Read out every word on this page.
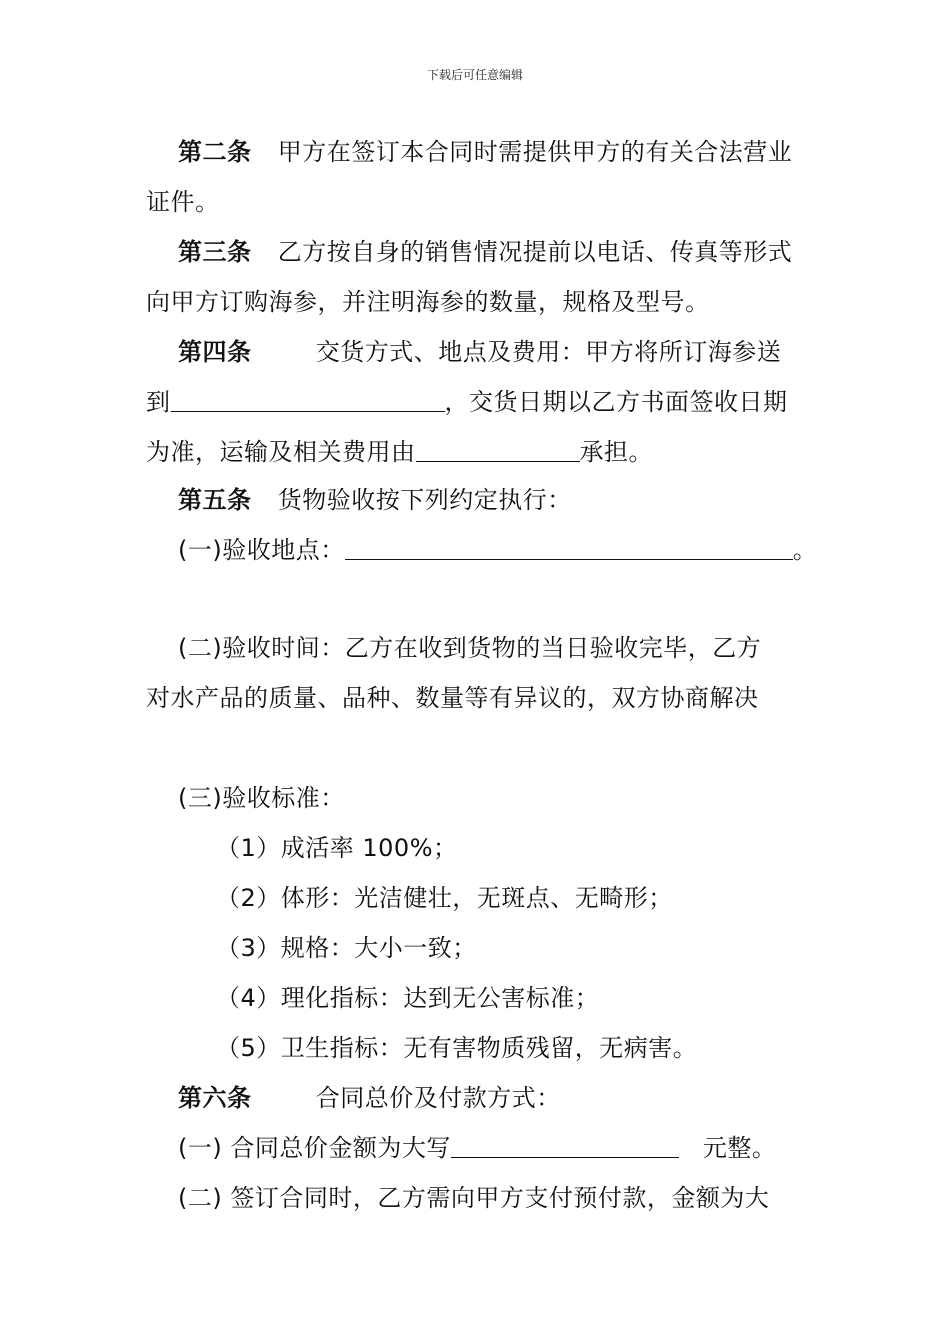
下载后可任意编辑
第二条 甲方在签订本合同时需提供甲方的有关合法营业
证件。
第三条 乙方按自身的销售情况提前以电话、传真等形式
向甲方订购海参，并注明海参的数量，规格及型号。
第四条	交货方式、地点及费用：甲方将所订海参送
到	，交货日期以乙方书面签收日期
为准，运输及相关费用由	承担。
第五条 货物验收按下列约定执行：
(一)验收地点：	。
(二)验收时间：乙方在收到货物的当日验收完毕，乙方
对水产品的质量、品种、数量等有异议的，双方协商解决
(三)验收标准：
（1）成活率 100%；
（2）体形：光洁健壮，无斑点、无畸形；
（3）规格：大小一致；
（4）理化指标：达到无公害标准；
（5）卫生指标：无有害物质残留，无病害。
第六条	合同总价及付款方式：
(一) 合同总价金额为大写	元整。
(二) 签订合同时，乙方需向甲方支付预付款，金额为大
